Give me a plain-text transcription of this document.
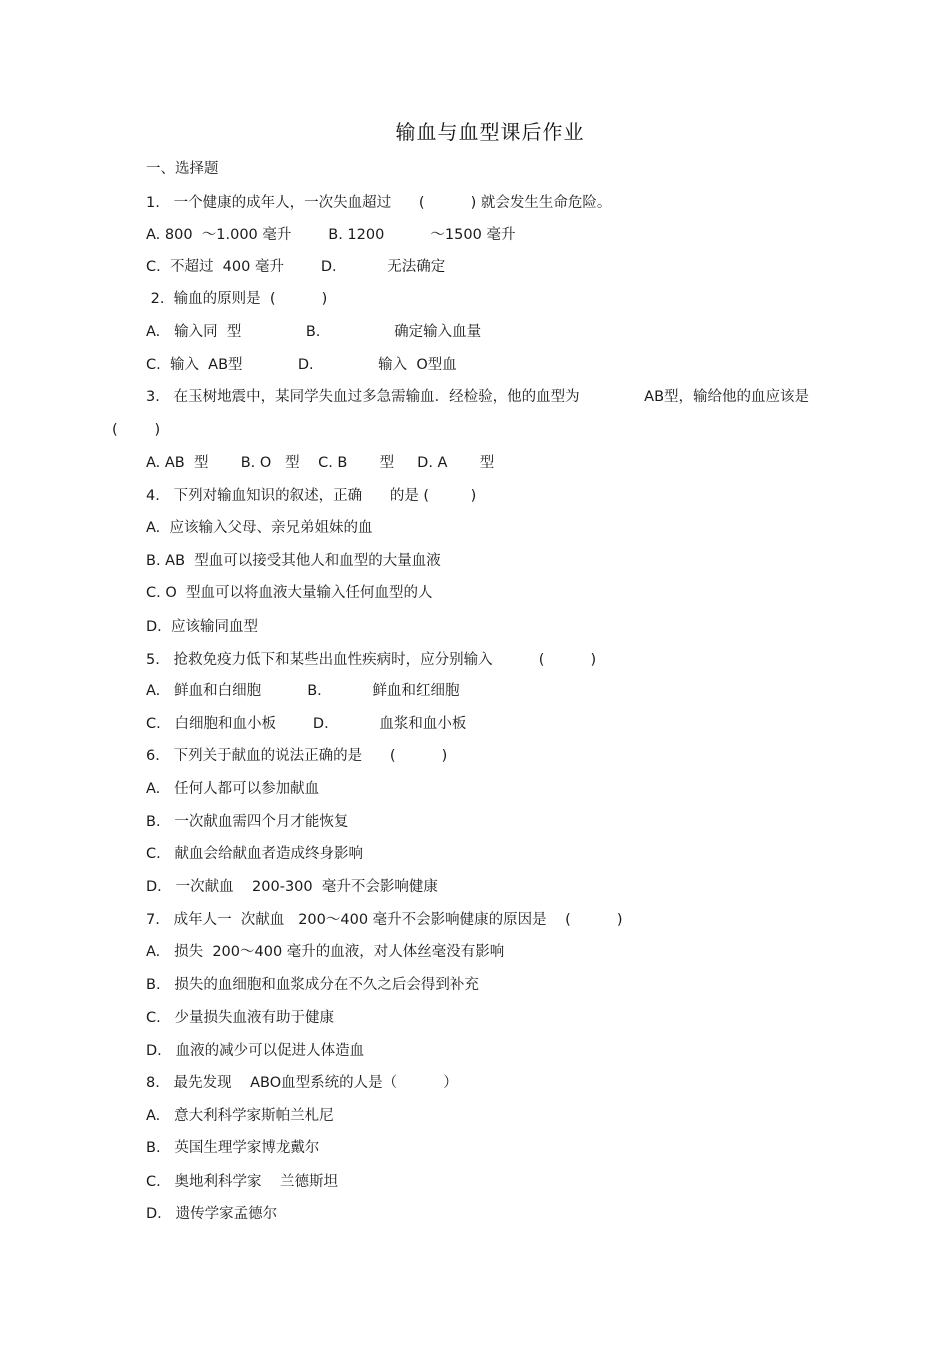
输血与血型课后作业
一、选择题
1.   一个健康的成年人，一次失血超过      (          ) 就会发生生命危险。
A. 800  ～1.000 毫升        B. 1200          ～1500 毫升
C.  不超过  400 毫升        D.           无法确定
2.  输血的原则是  (          )
A.   输入同  型              B.                确定输入血量
C.  输入  AB型            D.              输入  O型血
3.   在玉树地震中，某同学失血过多急需输血．经检验，他的血型为              AB型，输给他的血应该是
(        )
A. AB  型       B. O   型    C. B       型     D. A       型
4.   下列对输血知识的叙述，正确      的是 (         )
A.  应该输入父母、亲兄弟姐妹的血
B. AB  型血可以接受其他人和血型的大量血液
C. O  型血可以将血液大量输入任何血型的人
D.  应该输同血型
5.   抢救免疫力低下和某些出血性疾病时，应分别输入          (          )
A.   鲜血和白细胞          B.           鲜血和红细胞
C.   白细胞和血小板        D.           血浆和血小板
6.   下列关于献血的说法正确的是      (          )
A.   任何人都可以参加献血
B.   一次献血需四个月才能恢复
C.   献血会给献血者造成终身影响
D.   一次献血    200-300  毫升不会影响健康
7.   成年人一  次献血   200～400 毫升不会影响健康的原因是    (          )
A.   损失  200～400 毫升的血液，对人体丝毫没有影响
B.   损失的血细胞和血浆成分在不久之后会得到补充
C.   少量损失血液有助于健康
D.   血液的减少可以促进人体造血
8.   最先发现    ABO血型系统的人是（          ）
A.   意大利科学家斯帕兰札尼
B.   英国生理学家博龙戴尔
C.   奥地利科学家    兰德斯坦
D.   遗传学家孟德尔
